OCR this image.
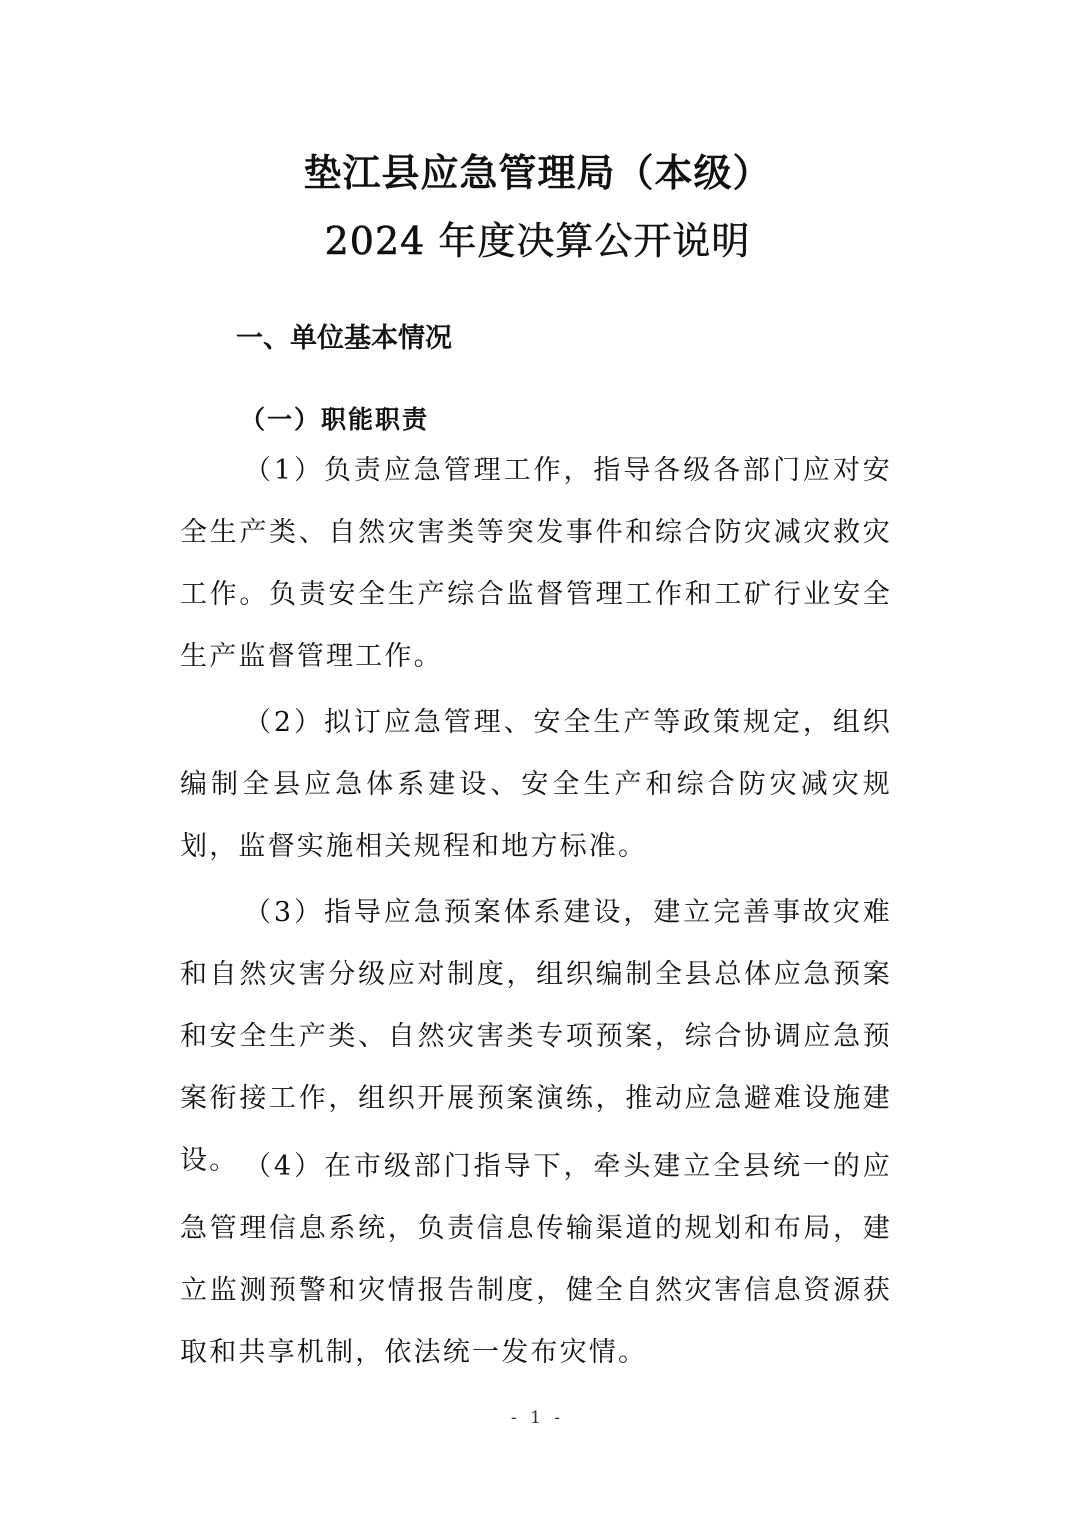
垫江县应急管理局（本级）
2024 年度决算公开说明
一、单位基本情况
（一）职能职责

（1）负责应急管理工作，指导各级各部门应对安全生产类、自然灾害类等突发事件和综合防灾减灾救灾工作。负责安全生产综合监督管理工作和工矿行业安全生产监督管理工作。

（2）拟订应急管理、安全生产等政策规定，组织编制全县应急体系建设、安全生产和综合防灾减灾规划，监督实施相关规程和地方标准。

（3）指导应急预案体系建设，建立完善事故灾难和自然灾害分级应对制度，组织编制全县总体应急预案和安全生产类、自然灾害类专项预案，综合协调应急预案衔接工作，组织开展预案演练，推动应急避难设施建设。 （4）在市级部门指导下，牵头建立全县统一的应急管理信息系统，负责信息传输渠道的规划和布局，建立监测预警和灾情报告制度，健全自然灾害信息资源获取和共享机制，依法统一发布灾情。

- 1 -
